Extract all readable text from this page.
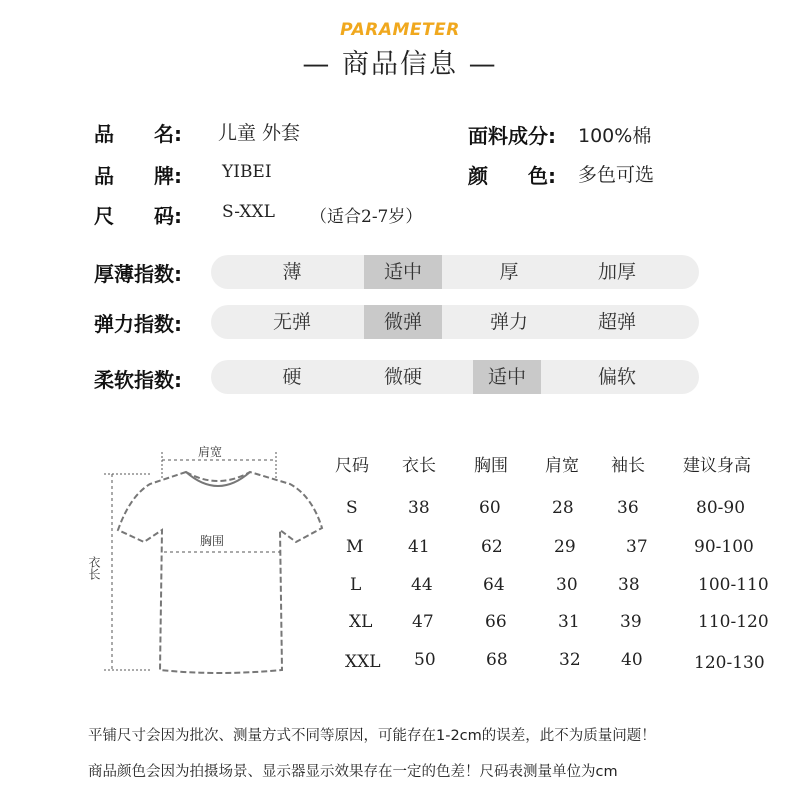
PARAMETER
— 商品信息 —
品　　名: 儿童 外套
品　　牌: YIBEI
尺　　码: S-XXL （适合2-7岁）
面料成分: 100%棉
颜　　色: 多色可选
厚薄指数:	薄	适中	厚	加厚
弹力指数:	无弹	微弹	弹力	超弹
柔软指数:	硬	微硬	适中	偏软
肩宽
胸围
衣长
尺码 衣长 胸围 肩宽 袖长 建议身高
S	38	60	28	36	80-90
M	41	62	29	37	90-100
L	44	64	30 38	100-110
XL 47	66	31 39	110-120
XXL 50	68	32 40	120-130
平铺尺寸会因为批次、测量方式不同等原因，可能存在1-2cm的误差，此不为质量问题！
商品颜色会因为拍摄场景、显示器显示效果存在一定的色差！尺码表测量单位为cm
